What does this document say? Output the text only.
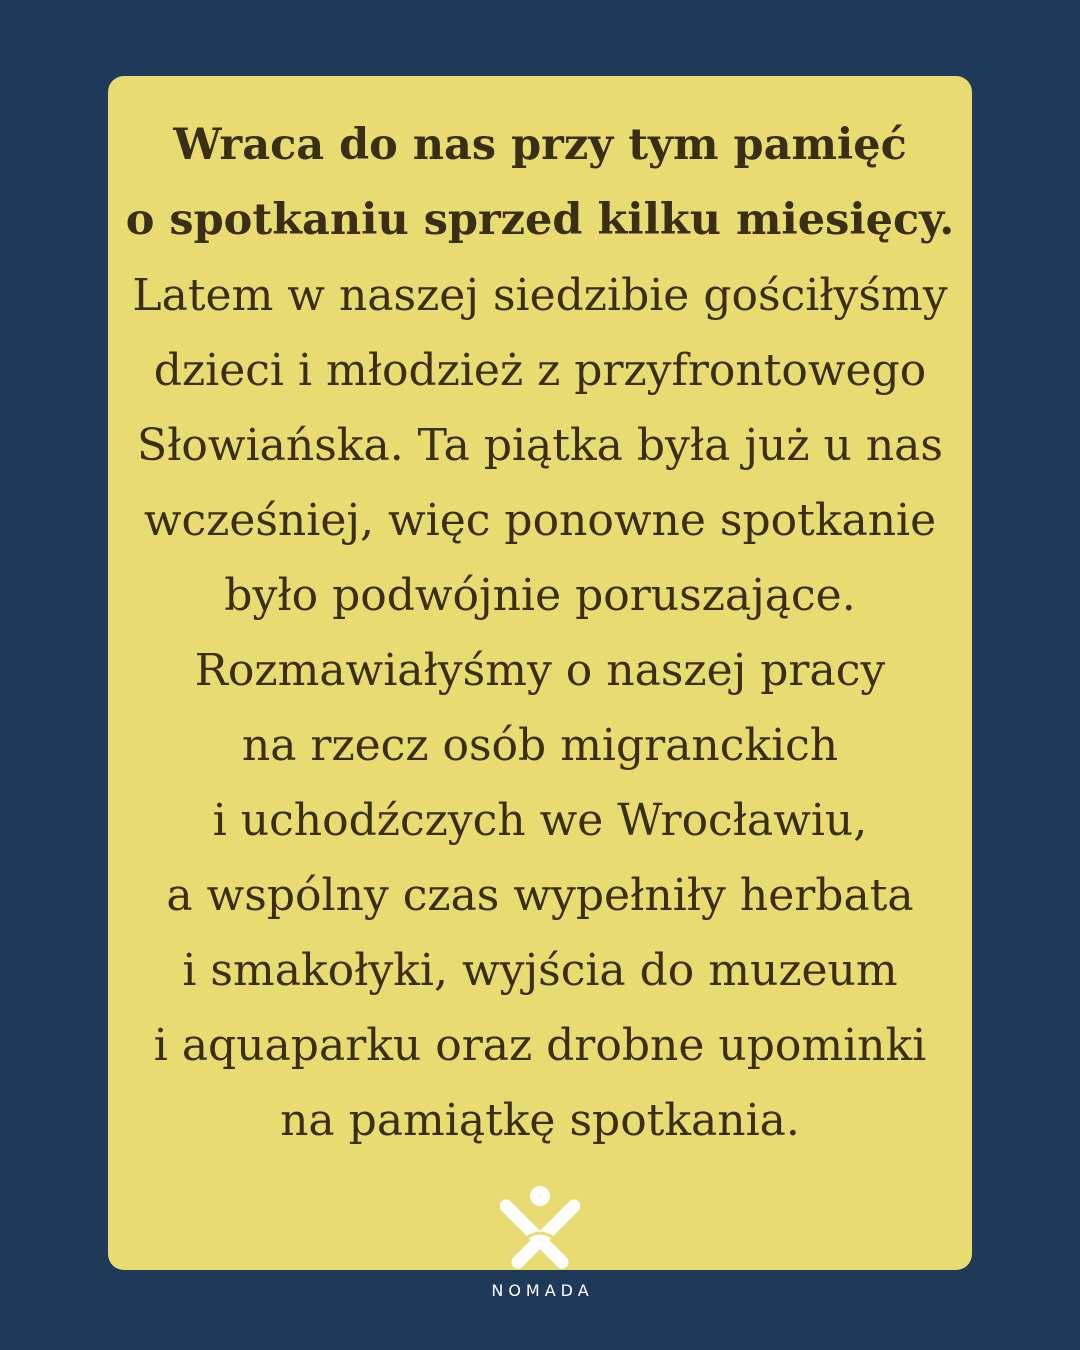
Wraca do nas przy tym pamięć
o spotkaniu sprzed kilku miesięcy.
Latem w naszej siedzibie gościłyśmy
dzieci i młodzież z przyfrontowego
Słowiańska. Ta piątka była już u nas
wcześniej, więc ponowne spotkanie
było podwójnie poruszające.
Rozmawiałyśmy o naszej pracy
na rzecz osób migranckich
i uchodźczych we Wrocławiu,
a wspólny czas wypełniły herbata
i smakołyki, wyjścia do muzeum
i aquaparku oraz drobne upominki
na pamiątkę spotkania.
NOMADA
